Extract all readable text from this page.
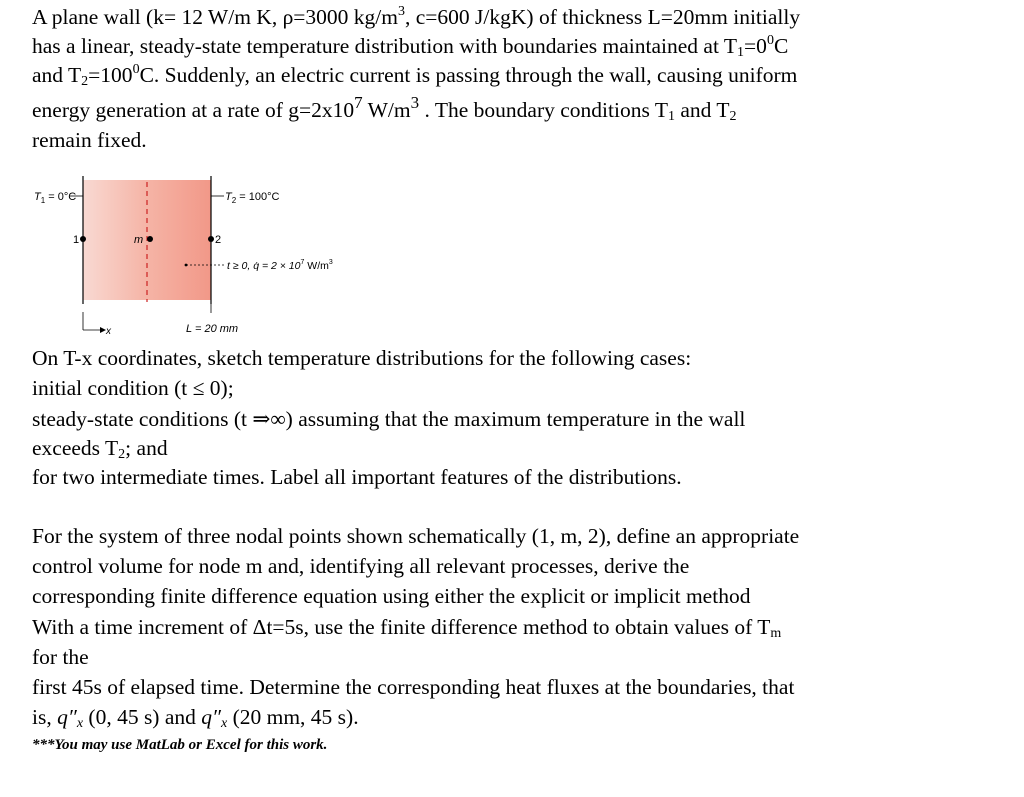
A plane wall (k= 12 W/m K, ρ=3000 $kg/m^3$, c=600 J/kgK) of thickness L=20mm initially
has a linear, steady-state temperature distribution with boundaries maintained at $T_1=0^0C$
and $T_2=100^0C$. Suddenly, an electric current is passing through the wall, causing uniform
energy generation at a rate of $g=2x10^7$ $W/m^3$ . The boundary conditions $T_1$ and $T_2$
remain fixed.
$T_1 = 0^\circ C$	$T_2 = 100^\circ C$
1	m	2
t ≥ 0, q̇ = $2 \times 10^7$ $W/m^3$
L = 20 mm
x
On T-x coordinates, sketch temperature distributions for the following cases:
initial condition (t ≤ 0);
steady-state conditions (t ⇒∞) assuming that the maximum temperature in the wall
exceeds $T_2$; and
for two intermediate times. Label all important features of the distributions.
For the system of three nodal points shown schematically (1, m, 2), define an appropriate
control volume for node m and, identifying all relevant processes, derive the
corresponding finite difference equation using either the explicit or implicit method
With a time increment of Δt=5s, use the finite difference method to obtain values of $T_m$
for the
first 45s of elapsed time. Determine the corresponding heat fluxes at the boundaries, that
is, $q''_x$ (0, 45 s) and $q''_x$ (20 mm, 45 s).
***You may use MatLab or Excel for this work.
